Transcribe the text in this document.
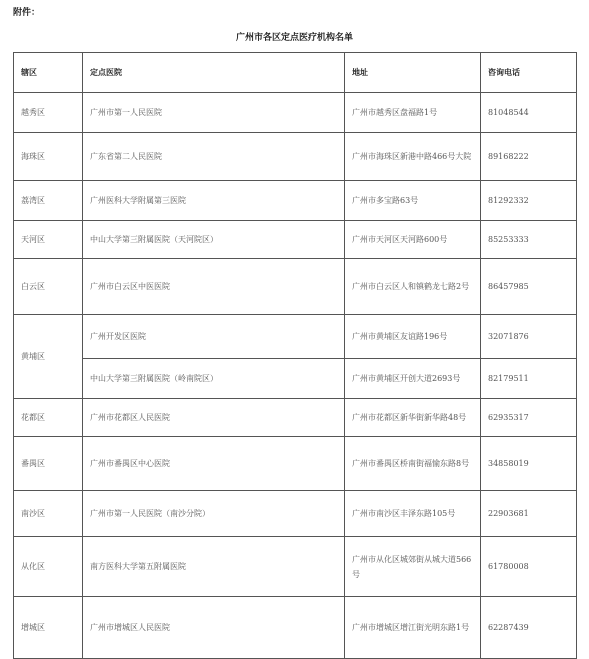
附件：
广州市各区定点医疗机构名单
辖区	定点医院	地址	咨询电话
越秀区	广州市第一人民医院	广州市越秀区盘福路1号	81048544
海珠区	广东省第二人民医院	广州市海珠区新港中路466号大院	89168222
荔湾区	广州医科大学附属第三医院	广州市多宝路63号	81292332
天河区	中山大学第三附属医院（天河院区）	广州市天河区天河路600号	85253333
白云区	广州市白云区中医医院	广州市白云区人和镇鹤龙七路2号	86457985
黄埔区	广州开发区医院	广州市黄埔区友谊路196号	32071876
	中山大学第三附属医院（岭南院区）	广州市黄埔区开创大道2693号	82179511
花都区	广州市花都区人民医院	广州市花都区新华街新华路48号	62935317
番禺区	广州市番禺区中心医院	广州市番禺区桥南街福愉东路8号	34858019
南沙区	广州市第一人民医院（南沙分院）	广州市南沙区丰泽东路105号	22903681
从化区	南方医科大学第五附属医院	广州市从化区城郊街从城大道566号	61780008
增城区	广州市增城区人民医院	广州市增城区增江街光明东路1号	62287439
